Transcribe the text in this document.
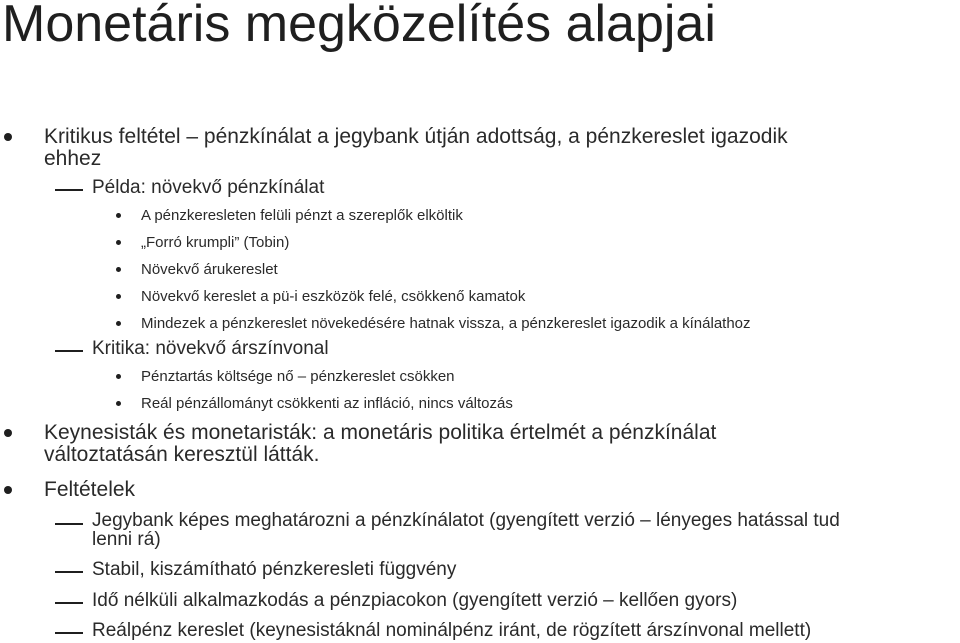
Monetáris megközelítés alapjai
Kritikus feltétel – pénzkínálat a jegybank útján adottság, a pénzkereslet igazodik
ehhez
Példa: növekvő pénzkínálat
A pénzkeresleten felüli pénzt a szereplők elköltik
„Forró krumpli” (Tobin)
Növekvő árukereslet
Növekvő kereslet a pü-i eszközök felé, csökkenő kamatok
Mindezek a pénzkereslet növekedésére hatnak vissza, a pénzkereslet igazodik a kínálathoz
Kritika: növekvő árszínvonal
Pénztartás költsége nő – pénzkereslet csökken
Reál pénzállományt csökkenti az infláció, nincs változás
Keynesisták és monetaristák: a monetáris politika értelmét a pénzkínálat
változtatásán keresztül látták.
Feltételek
Jegybank képes meghatározni a pénzkínálatot (gyengített verzió – lényeges hatással tud
lenni rá)
Stabil, kiszámítható pénzkeresleti függvény
Idő nélküli alkalmazkodás a pénzpiacokon (gyengített verzió – kellően gyors)
Reálpénz kereslet (keynesistáknál nominálpénz iránt, de rögzített árszínvonal mellett)
